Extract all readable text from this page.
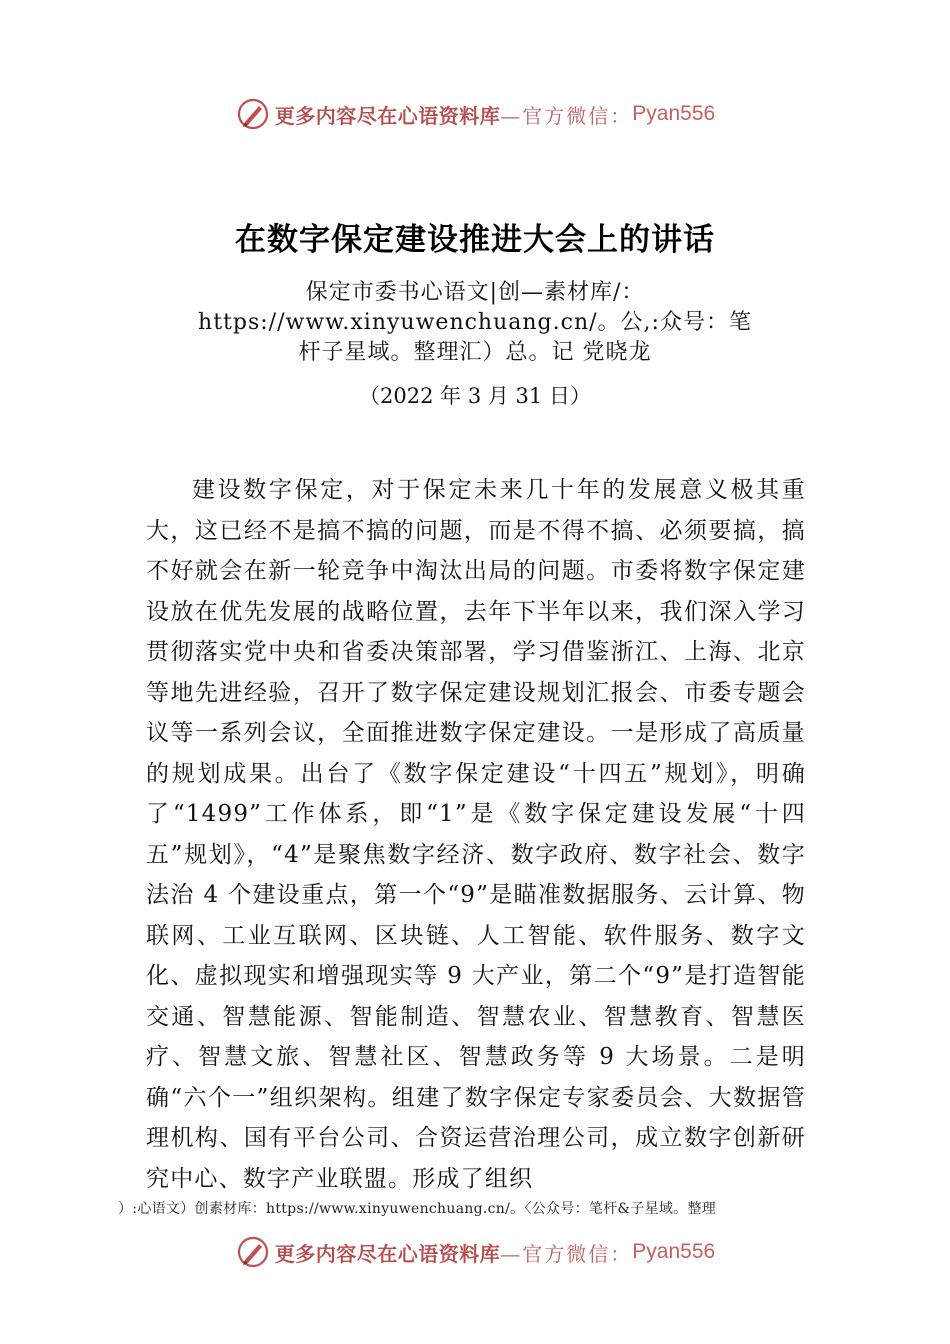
更多内容尽在心语资料库 —官方微信： Pyan556
在数字保定建设推进大会上的讲话
保定市委书心语文|创—素材库/：https://www.xinyuwenchuang.cn/。公,:众号：笔杆子星域。整理汇）总。记 党晓龙
（2022 年 3 月 31 日）

建设数字保定，对于保定未来几十年的发展意义极其重大，这已经不是搞不搞的问题，而是不得不搞、必须要搞，搞不好就会在新一轮竞争中淘汰出局的问题。市委将数字保定建设放在优先发展的战略位置，去年下半年以来，我们深入学习贯彻落实党中央和省委决策部署，学习借鉴浙江、上海、北京等地先进经验，召开了数字保定建设规划汇报会、市委专题会议等一系列会议，全面推进数字保定建设。一是形成了高质量的规划成果。出台了《数字保定建设“十四五”规划》，明确了“1499”工作体系，即“1”是《数字保定建设发展“十四五”规划》，“4”是聚焦数字经济、数字政府、数字社会、数字法治 4 个建设重点，第一个“9”是瞄准数据服务、云计算、物联网、工业互联网、区块链、人工智能、软件服务、数字文化、虚拟现实和增强现实等 9 大产业，第二个“9”是打造智能交通、智慧能源、智能制造、智慧农业、智慧教育、智慧医疗、智慧文旅、智慧社区、智慧政务等 9 大场景。二是明确“六个一”组织架构。组建了数字保定专家委员会、大数据管理机构、国有平台公司、合资运营治理公司，成立数字创新研究中心、数字产业联盟。形成了组织

）:心语文）创素材库：https://www.xinyuwenchuang.cn/。〈公众号：笔杆&子星域。整理
更多内容尽在心语资料库 —官方微信： Pyan556
